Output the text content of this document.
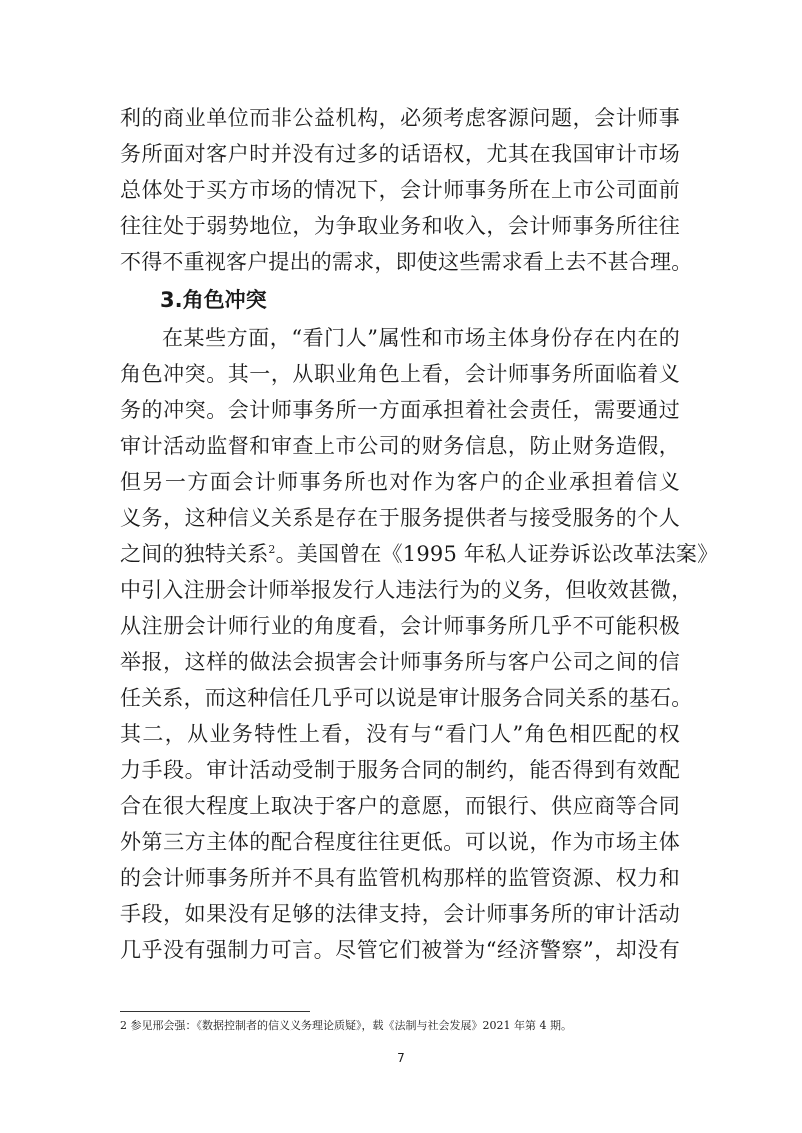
利的商业单位而非公益机构，必须考虑客源问题，会计师事
务所面对客户时并没有过多的话语权，尤其在我国审计市场
总体处于买方市场的情况下，会计师事务所在上市公司面前
往往处于弱势地位，为争取业务和收入，会计师事务所往往
不得不重视客户提出的需求，即使这些需求看上去不甚合理。
3.角色冲突
在某些方面，“看门人”属性和市场主体身份存在内在的
角色冲突。其一，从职业角色上看，会计师事务所面临着义
务的冲突。会计师事务所一方面承担着社会责任，需要通过
审计活动监督和审查上市公司的财务信息，防止财务造假，
但另一方面会计师事务所也对作为客户的企业承担着信义
义务，这种信义关系是存在于服务提供者与接受服务的个人
之间的独特关系$^2$。美国曾在《1995 年私人证券诉讼改革法案》
中引入注册会计师举报发行人违法行为的义务，但收效甚微，
从注册会计师行业的角度看，会计师事务所几乎不可能积极
举报，这样的做法会损害会计师事务所与客户公司之间的信
任关系，而这种信任几乎可以说是审计服务合同关系的基石。
其二，从业务特性上看，没有与“看门人”角色相匹配的权
力手段。审计活动受制于服务合同的制约，能否得到有效配
合在很大程度上取决于客户的意愿，而银行、供应商等合同
外第三方主体的配合程度往往更低。可以说，作为市场主体
的会计师事务所并不具有监管机构那样的监管资源、权力和
手段，如果没有足够的法律支持，会计师事务所的审计活动
几乎没有强制力可言。尽管它们被誉为“经济警察”，却没有
2 参见邢会强：《数据控制者的信义义务理论质疑》，载《法制与社会发展》2021 年第 4 期。
7
